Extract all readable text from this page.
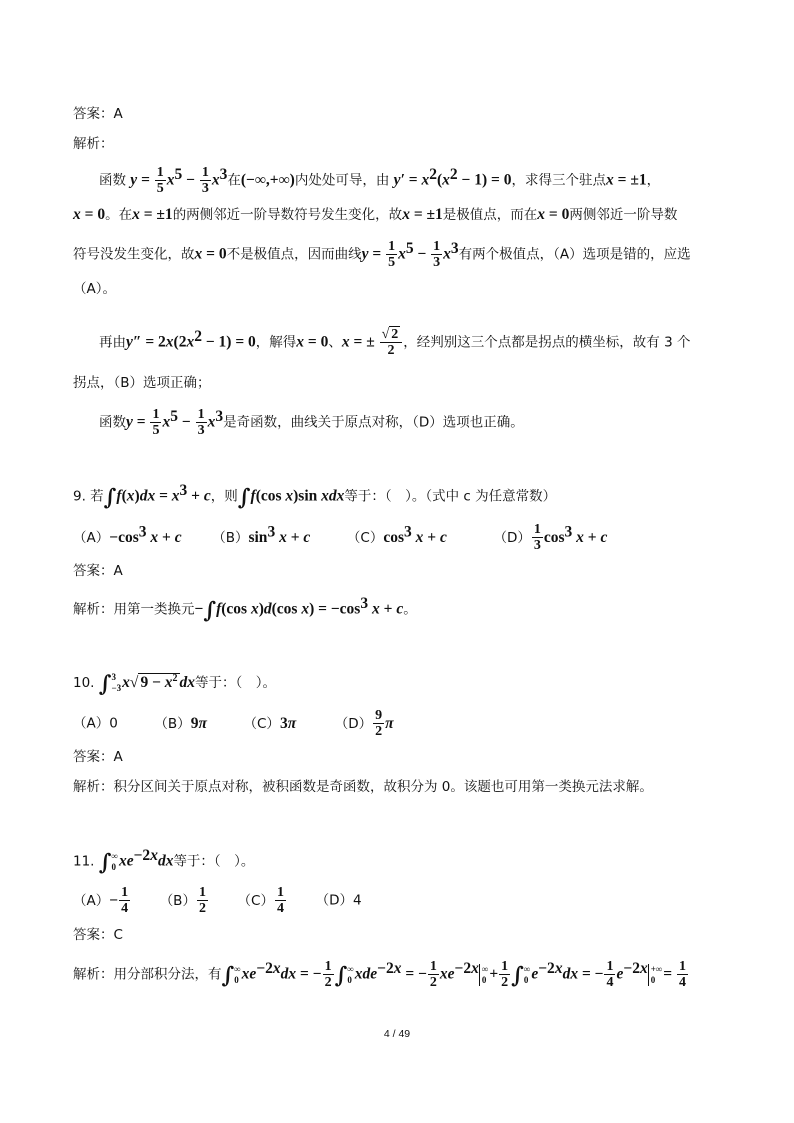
答案：A
解析：
函数 $y = \frac{1}{5} x^5 - \frac{1}{3} x^3$在(−∞,+∞)内处处可导，由 $y' = x^2(x^2 - 1) = 0$，求得三个驻点x = ±1，
x = 0。在x = ±1的两侧邻近一阶导数符号发生变化，故x = ±1是极值点，而在x = 0两侧邻近一阶导数
符号没发生变化，故x = 0不是极值点，因而曲线$y = \frac{1}{5} x^5 - \frac{1}{3} x^3$有两个极值点，（A）选项是错的，应选
（A）。
再由$y'' = 2x(2x^2 - 1) = 0$，解得x = 0、x = ± $\frac{√ 2}{2}$ ，经判别这三个点都是拐点的横坐标，故有 3 个
拐点，（B）选项正确；
函数$y = \frac{1}{5} x^5 - \frac{1}{3} x^3$是奇函数，曲线关于原点对称，（D）选项也正确。
9. 若$\int f(x)dx = x^3 + c$，则∫f(cos x)sin xdx等于：（　）。（式中 c 为任意常数）
$(A)-\cos^3$ x + c $(B)\sin^3$ x + c	$(C)\cos^3$ x + c	$(D) \frac{1}{3} \cos^3 x + c$
答案：A
解析：用第一类换元−∫f(cos x)d(cos $x) = -\cos^3$ x + c。
10. ∫ 3
−3 x√ $9 - x^2$ dx等于：（　）。
（A）0	（B）9π	（C）3π	$(D) \frac{9}{2}$ π
答案：A
解析：积分区间关于原点对称，被积函数是奇函数，故积分为 0。该题也可用第一类换元法求解。
11. ∫ ∞
0 $xe^{-2x}dx$等于：（　）。
$(A)- \frac{1}{4} (B) \frac{1}{2} (C) \frac{1}{4} (D)4$
答案：C
解析：用分部积分法，有∫ ∞
0 $xe^{-2x}dx$ = − $\frac{1}{2}$ ∫ ∞
0 xde$^{-2x}$ = − $\frac{1}{2} xe^{-2x}$ ∞
$0 + \frac{1}{2}$ ∫ ∞
0 $e^{-2x}dx$ = − $\frac{1}{4} e^{-2x}$ +∞
$0 = \frac{1}{4}$
4 / 49
